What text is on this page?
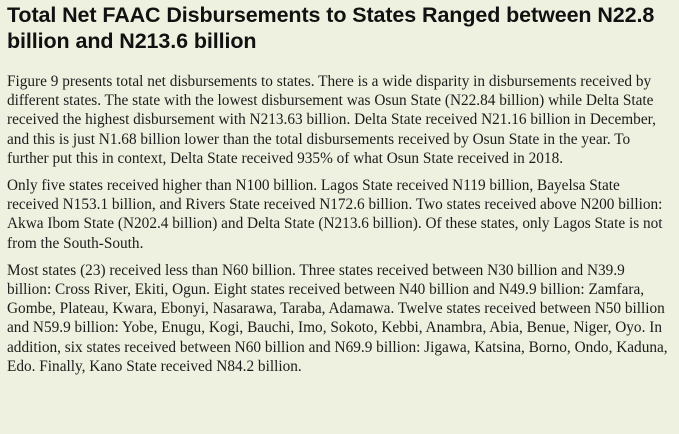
Total Net FAAC Disbursements to States Ranged between N22.8 billion and N213.6 billion

Figure 9 presents total net disbursements to states. There is a wide disparity in disbursements received by different states. The state with the lowest disbursement was Osun State (N22.84 billion) while Delta State received the highest disbursement with N213.63 billion. Delta State received N21.16 billion in December, and this is just N1.68 billion lower than the total disbursements received by Osun State in the year. To further put this in context, Delta State received 935% of what Osun State received in 2018.

Only five states received higher than N100 billion. Lagos State received N119 billion, Bayelsa State received N153.1 billion, and Rivers State received N172.6 billion. Two states received above N200 billion: Akwa Ibom State (N202.4 billion) and Delta State (N213.6 billion). Of these states, only Lagos State is not from the South-South.

Most states (23) received less than N60 billion. Three states received between N30 billion and N39.9 billion: Cross River, Ekiti, Ogun. Eight states received between N40 billion and N49.9 billion: Zamfara, Gombe, Plateau, Kwara, Ebonyi, Nasarawa, Taraba, Adamawa. Twelve states received between N50 billion and N59.9 billion: Yobe, Enugu, Kogi, Bauchi, Imo, Sokoto, Kebbi, Anambra, Abia, Benue, Niger, Oyo. In addition, six states received between N60 billion and N69.9 billion: Jigawa, Katsina, Borno, Ondo, Kaduna, Edo. Finally, Kano State received N84.2 billion.
